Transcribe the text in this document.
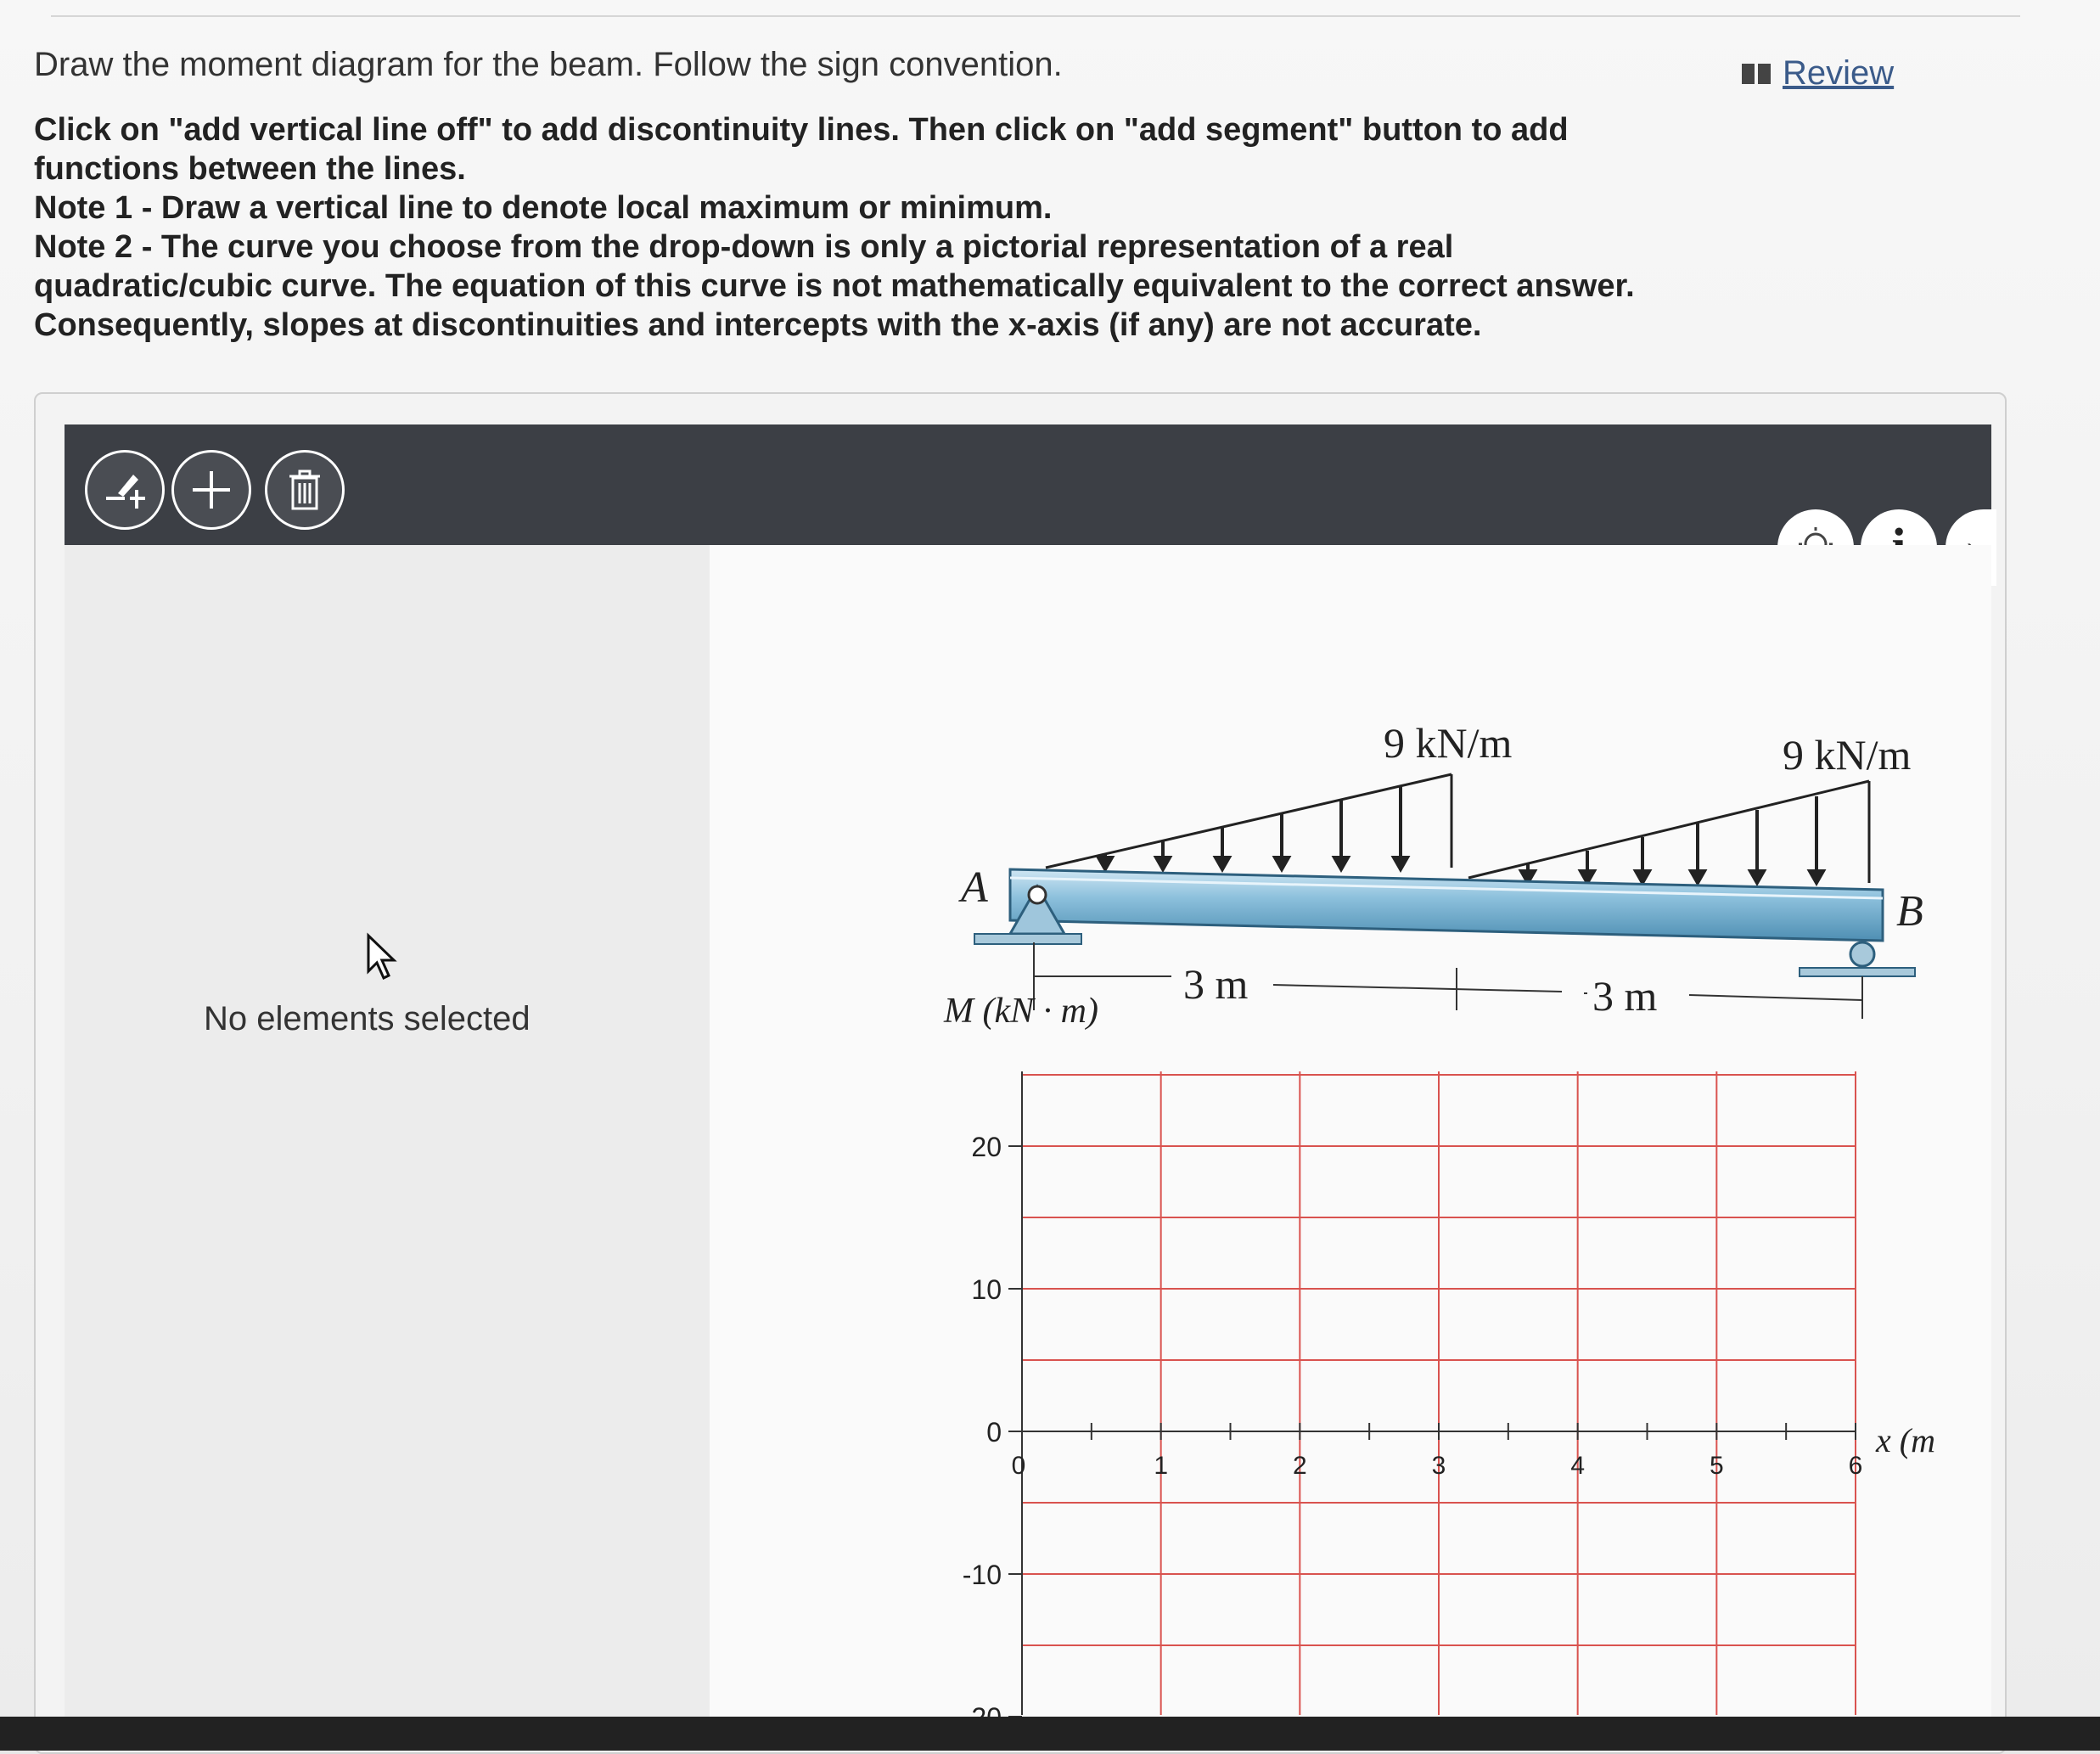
Draw the moment diagram for the beam. Follow the sign convention.	Review

Click on "add vertical line off" to add discontinuity lines. Then click on "add segment" button to add

functions between the lines.

Note 1 - Draw a vertical line to denote local maximum or minimum.

Note 2 - The curve you choose from the drop-down is only a pictorial representation of a real

quadratic/cubic curve. The equation of this curve is not mathematically equivalent to the correct answer.

Consequently, slopes at discontinuities and intercepts with the x-axis (if any) are not accurate.

No elements selected
9 kN/m	9 kN/m
A	B
3 m	3 m
M (kN · m)
x (m
20
10
0
-10
0	1	2	3	4	5	6
